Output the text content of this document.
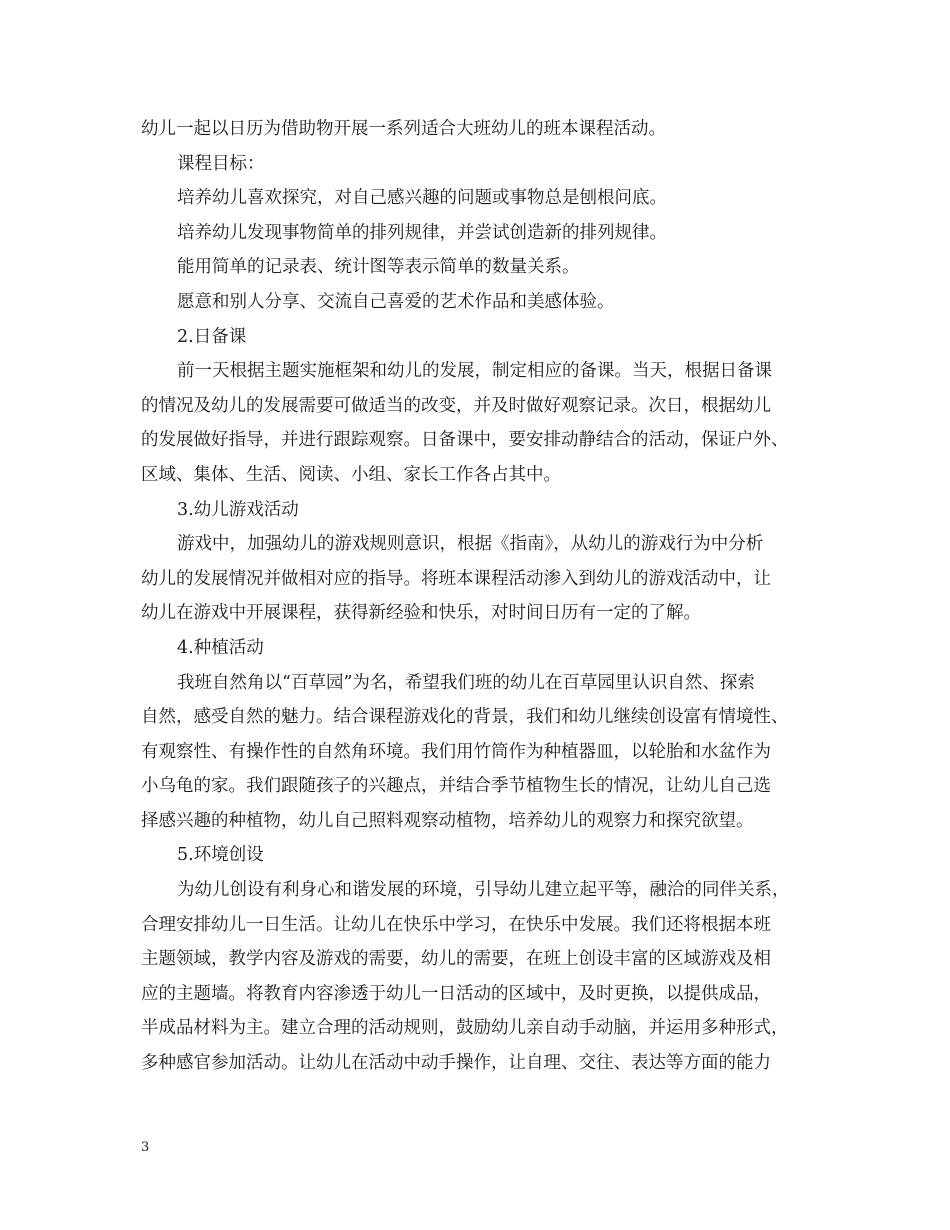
幼儿一起以日历为借助物开展一系列适合大班幼儿的班本课程活动。
课程目标：
培养幼儿喜欢探究，对自己感兴趣的问题或事物总是刨根问底。
培养幼儿发现事物简单的排列规律，并尝试创造新的排列规律。
能用简单的记录表、统计图等表示简单的数量关系。
愿意和别人分享、交流自己喜爱的艺术作品和美感体验。
2.日备课
前一天根据主题实施框架和幼儿的发展，制定相应的备课。当天，根据日备课
的情况及幼儿的发展需要可做适当的改变，并及时做好观察记录。次日，根据幼儿
的发展做好指导，并进行跟踪观察。日备课中，要安排动静结合的活动，保证户外、
区域、集体、生活、阅读、小组、家长工作各占其中。
3.幼儿游戏活动
游戏中，加强幼儿的游戏规则意识，根据《指南》，从幼儿的游戏行为中分析
幼儿的发展情况并做相对应的指导。将班本课程活动渗入到幼儿的游戏活动中，让
幼儿在游戏中开展课程，获得新经验和快乐，对时间日历有一定的了解。
4.种植活动
我班自然角以“百草园”为名，希望我们班的幼儿在百草园里认识自然、探索
自然，感受自然的魅力。结合课程游戏化的背景，我们和幼儿继续创设富有情境性、
有观察性、有操作性的自然角环境。我们用竹筒作为种植器皿，以轮胎和水盆作为
小乌龟的家。我们跟随孩子的兴趣点，并结合季节植物生长的情况，让幼儿自己选
择感兴趣的种植物，幼儿自己照料观察动植物，培养幼儿的观察力和探究欲望。
5.环境创设
为幼儿创设有利身心和谐发展的环境，引导幼儿建立起平等，融洽的同伴关系，
合理安排幼儿一日生活。让幼儿在快乐中学习，在快乐中发展。我们还将根据本班
主题领域，教学内容及游戏的需要，幼儿的需要，在班上创设丰富的区域游戏及相
应的主题墙。将教育内容渗透于幼儿一日活动的区域中，及时更换，以提供成品，
半成品材料为主。建立合理的活动规则，鼓励幼儿亲自动手动脑，并运用多种形式，
多种感官参加活动。让幼儿在活动中动手操作，让自理、交往、表达等方面的能力
3
